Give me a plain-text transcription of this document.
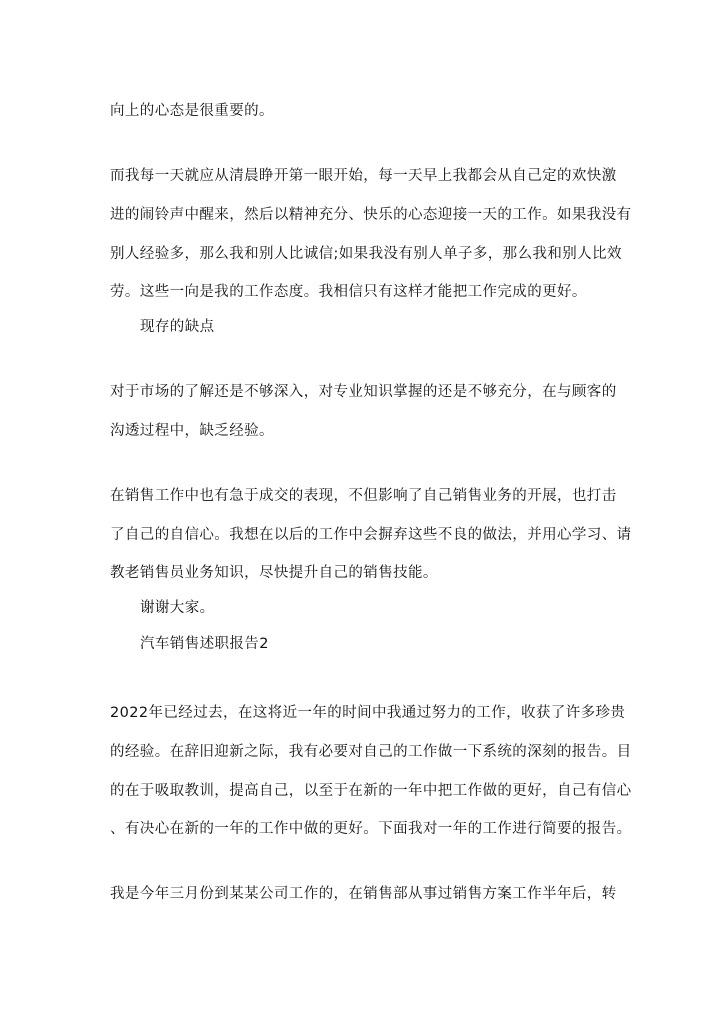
向上的心态是很重要的。
而我每一天就应从清晨睁开第一眼开始，每一天早上我都会从自己定的欢快激
进的闹铃声中醒来，然后以精神充分、快乐的心态迎接一天的工作。如果我没有
别人经验多，那么我和别人比诚信;如果我没有别人单子多，那么我和别人比效
劳。这些一向是我的工作态度。我相信只有这样才能把工作完成的更好。
现存的缺点
对于市场的了解还是不够深入，对专业知识掌握的还是不够充分，在与顾客的
沟透过程中，缺乏经验。
在销售工作中也有急于成交的表现，不但影响了自己销售业务的开展，也打击
了自己的自信心。我想在以后的工作中会摒弃这些不良的做法，并用心学习、请
教老销售员业务知识，尽快提升自己的销售技能。
谢谢大家。
汽车销售述职报告2
2022年已经过去，在这将近一年的时间中我通过努力的工作，收获了许多珍贵
的经验。在辞旧迎新之际，我有必要对自己的工作做一下系统的深刻的报告。目
的在于吸取教训，提高自己，以至于在新的一年中把工作做的更好，自己有信心
、有决心在新的一年的工作中做的更好。下面我对一年的工作进行简要的报告。
我是今年三月份到某某公司工作的，在销售部从事过销售方案工作半年后，转
